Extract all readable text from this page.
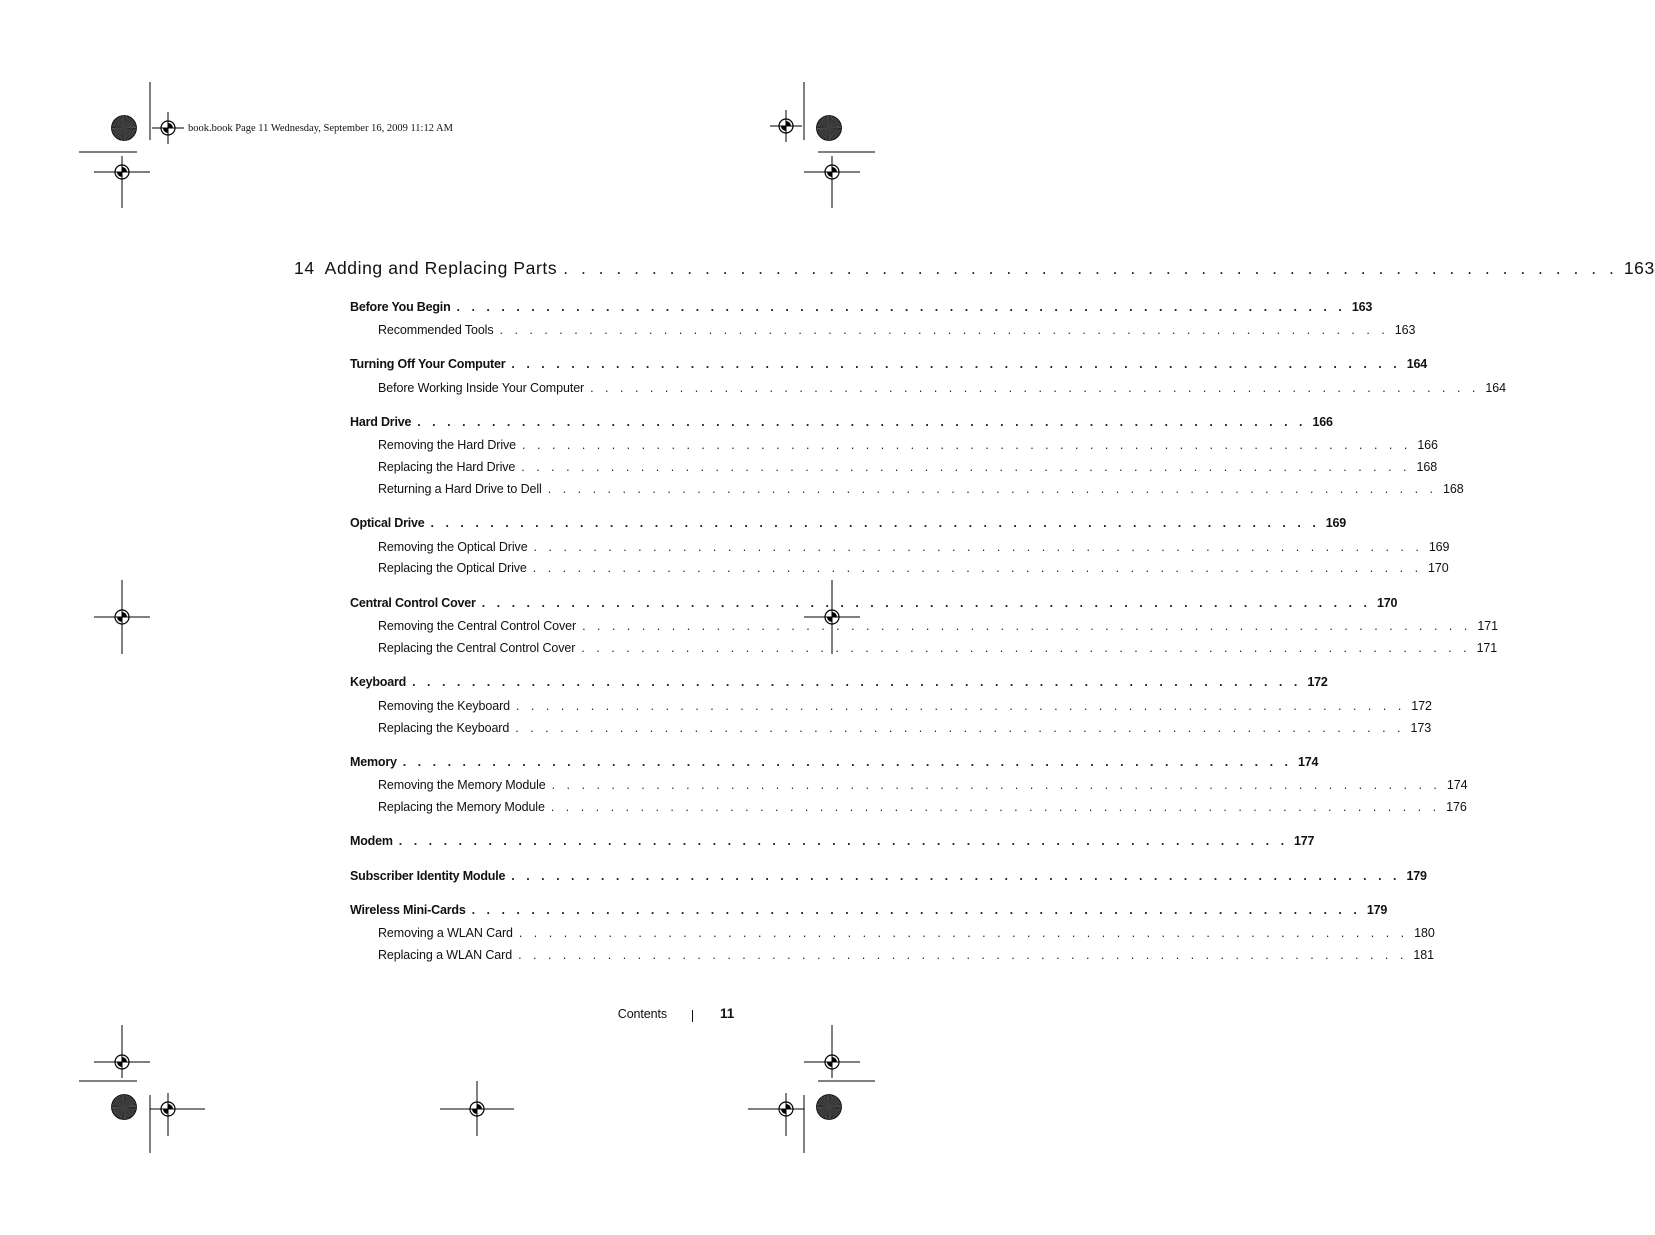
book.book Page 11 Wednesday, September 16, 2009 11:12 AM
14 Adding and Replacing Parts . . . . . . . . . . . . . . . . . . . . . . . . . . . . . . . . . . . . . . . . . . . . . . . . . . . . . . . . . . . . 163
Before You Begin . . . . . . . . . . . . . . . . . . . . . . . . . . . . . . . . . . . . . . . . . . . . . . . . . . . . . . . . . . . . 163
Recommended Tools . . . . . . . . . . . . . . . . . . . . . . . . . . . . . . . . . . . . . . . . . . . . . . . . . . . . . . . . . . . . 163
Turning Off Your Computer . . . . . . . . . . . . . . . . . . . . . . . . . . . . . . . . . . . . . . . . . . . . . . . . . . . . . . . . . . . . 164
Before Working Inside Your Computer . . . . . . . . . . . . . . . . . . . . . . . . . . . . . . . . . . . . . . . . . . . . . . . . . . . . . . . . . . . . 164
Hard Drive . . . . . . . . . . . . . . . . . . . . . . . . . . . . . . . . . . . . . . . . . . . . . . . . . . . . . . . . . . . . 166
Removing the Hard Drive . . . . . . . . . . . . . . . . . . . . . . . . . . . . . . . . . . . . . . . . . . . . . . . . . . . . . . . . . . . . 166
Replacing the Hard Drive . . . . . . . . . . . . . . . . . . . . . . . . . . . . . . . . . . . . . . . . . . . . . . . . . . . . . . . . . . . . 168
Returning a Hard Drive to Dell . . . . . . . . . . . . . . . . . . . . . . . . . . . . . . . . . . . . . . . . . . . . . . . . . . . . . . . . . . . . 168
Optical Drive . . . . . . . . . . . . . . . . . . . . . . . . . . . . . . . . . . . . . . . . . . . . . . . . . . . . . . . . . . . . 169
Removing the Optical Drive . . . . . . . . . . . . . . . . . . . . . . . . . . . . . . . . . . . . . . . . . . . . . . . . . . . . . . . . . . . . 169
Replacing the Optical Drive . . . . . . . . . . . . . . . . . . . . . . . . . . . . . . . . . . . . . . . . . . . . . . . . . . . . . . . . . . . . 170
Central Control Cover . . . . . . . . . . . . . . . . . . . . . . . . . . . . . . . . . . . . . . . . . . . . . . . . . . . . . . . . . . . . 170
Removing the Central Control Cover . . . . . . . . . . . . . . . . . . . . . . . . . . . . . . . . . . . . . . . . . . . . . . . . . . . . . . . . . . . . 171
Replacing the Central Control Cover . . . . . . . . . . . . . . . . . . . . . . . . . . . . . . . . . . . . . . . . . . . . . . . . . . . . . . . . . . . . 171
Keyboard . . . . . . . . . . . . . . . . . . . . . . . . . . . . . . . . . . . . . . . . . . . . . . . . . . . . . . . . . . . . 172
Removing the Keyboard . . . . . . . . . . . . . . . . . . . . . . . . . . . . . . . . . . . . . . . . . . . . . . . . . . . . . . . . . . . . 172
Replacing the Keyboard . . . . . . . . . . . . . . . . . . . . . . . . . . . . . . . . . . . . . . . . . . . . . . . . . . . . . . . . . . . . 173
Memory . . . . . . . . . . . . . . . . . . . . . . . . . . . . . . . . . . . . . . . . . . . . . . . . . . . . . . . . . . . . 174
Removing the Memory Module . . . . . . . . . . . . . . . . . . . . . . . . . . . . . . . . . . . . . . . . . . . . . . . . . . . . . . . . . . . . 174
Replacing the Memory Module . . . . . . . . . . . . . . . . . . . . . . . . . . . . . . . . . . . . . . . . . . . . . . . . . . . . . . . . . . . . 176
Modem . . . . . . . . . . . . . . . . . . . . . . . . . . . . . . . . . . . . . . . . . . . . . . . . . . . . . . . . . . . . 177
Subscriber Identity Module . . . . . . . . . . . . . . . . . . . . . . . . . . . . . . . . . . . . . . . . . . . . . . . . . . . . . . . . . . . . 179
Wireless Mini-Cards . . . . . . . . . . . . . . . . . . . . . . . . . . . . . . . . . . . . . . . . . . . . . . . . . . . . . . . . . . . . 179
Removing a WLAN Card . . . . . . . . . . . . . . . . . . . . . . . . . . . . . . . . . . . . . . . . . . . . . . . . . . . . . . . . . . . . 180
Replacing a WLAN Card . . . . . . . . . . . . . . . . . . . . . . . . . . . . . . . . . . . . . . . . . . . . . . . . . . . . . . . . . . . . 181
Contents	11
